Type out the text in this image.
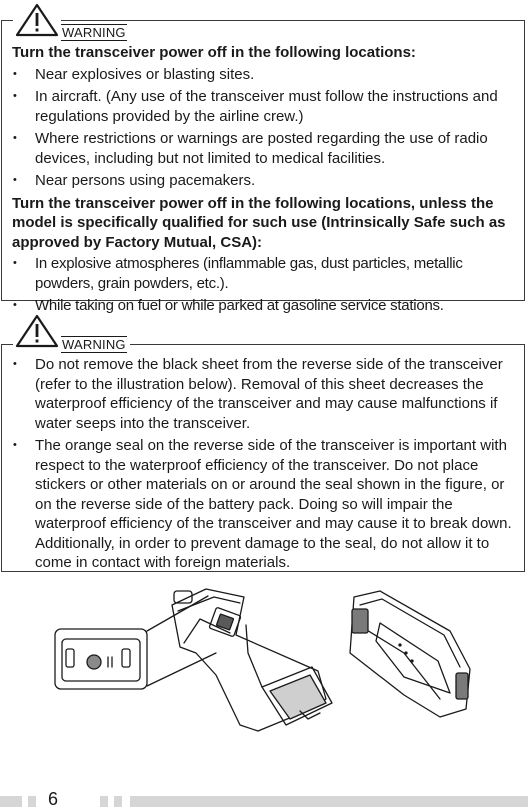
Turn the transceiver power off in the following locations:
• Near explosives or blasting sites.
• In aircraft. (Any use of the transceiver must follow the instructions and regulations provided by the airline crew.)
• Where restrictions or warnings are posted regarding the use of radio devices, including but not limited to medical facilities.
• Near persons using pacemakers.
Turn the transceiver power off in the following locations, unless the model is specifically qualified for such use (Intrinsically Safe such as approved by Factory Mutual, CSA):
• In explosive atmospheres (inflammable gas, dust particles, metallic powders, grain powders, etc.).
• While taking on fuel or while parked at gasoline service stations.
WARNING
• Do not remove the black sheet from the reverse side of the transceiver (refer to the illustration below). Removal of this sheet decreases the waterproof efficiency of the transceiver and may cause malfunctions if water seeps into the transceiver.
• The orange seal on the reverse side of the transceiver is important with respect to the waterproof efficiency of the transceiver. Do not place stickers or other materials on or around the seal shown in the figure, or on the reverse side of the battery pack. Doing so will impair the waterproof efficiency of the transceiver and may cause it to break down. Additionally, in order to prevent damage to the seal, do not allow it to come in contact with foreign materials.
WARNING
6
